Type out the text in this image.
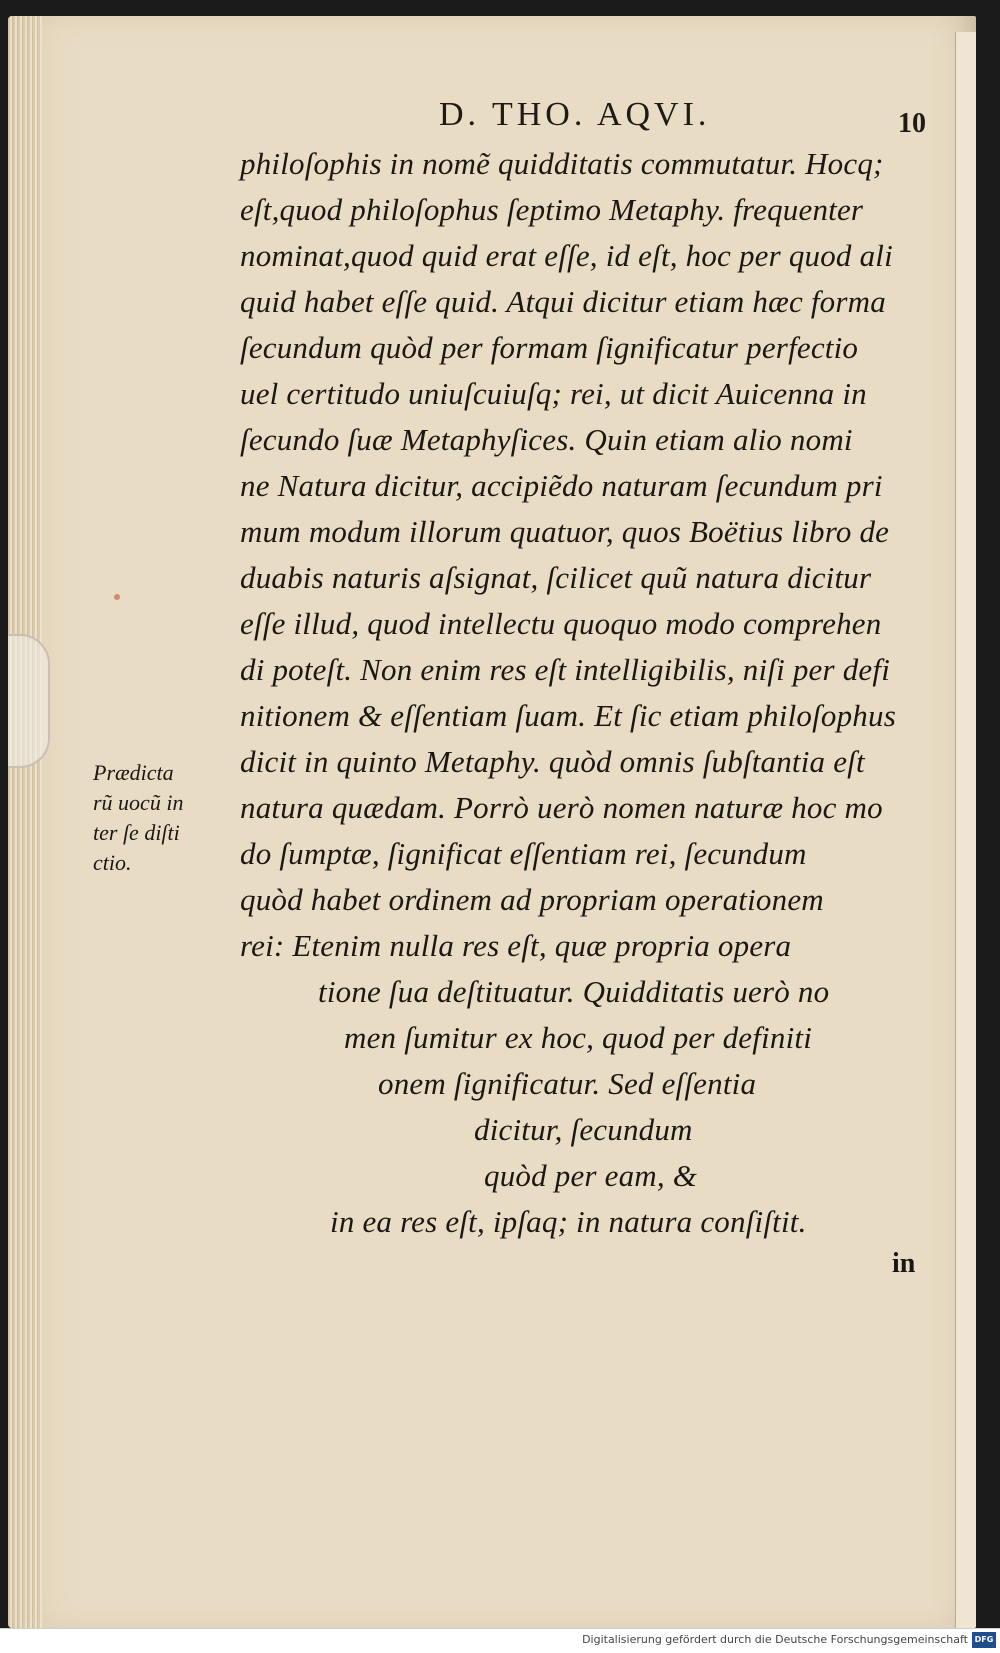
D. THO. AQVI.	10
philoſophis in nomẽ quidditatis commutatur. Hocq;
eſt,quod philoſophus ſeptimo Metaphy. frequenter
nominat,quod quid erat eſſe, id eſt, hoc per quod ali
quid habet eſſe quid. Atqui dicitur etiam hæc forma
ſecundum quòd per formam ſignificatur perfectio
uel certitudo uniuſcuiuſq; rei, ut dicit Auicenna in
ſecundo ſuæ Metaphyſices. Quin etiam alio nomi
ne Natura dicitur, accipiẽdo naturam ſecundum pri
mum modum illorum quatuor, quos Boëtius libro de
duabis naturis aſsignat, ſcilicet quũ natura dicitur
eſſe illud, quod intellectu quoquo modo comprehen
di poteſt. Non enim res eſt intelligibilis, niſi per defi
nitionem & eſſentiam ſuam. Et ſic etiam philoſophus
dicit in quinto Metaphy. quòd omnis ſubſtantia eſt
natura quædam. Porrò uerò nomen naturæ hoc mo
do ſumptæ, ſignificat eſſentiam rei, ſecundum
quòd habet ordinem ad propriam operationem
rei: Etenim nulla res eſt, quæ propria opera
tione ſua deſtituatur. Quidditatis uerò no
men ſumitur ex hoc, quod per definiti
onem ſignificatur. Sed eſſentia
dicitur, ſecundum
quòd per eam, &
in ea res eſt, ipſaq; in natura conſiſtit.
Prædicta
rũ uocũ in
ter ſe diſti
ctio.
in
Digitalisierung gefördert durch die Deutsche Forschungsgemeinschaft DFG
